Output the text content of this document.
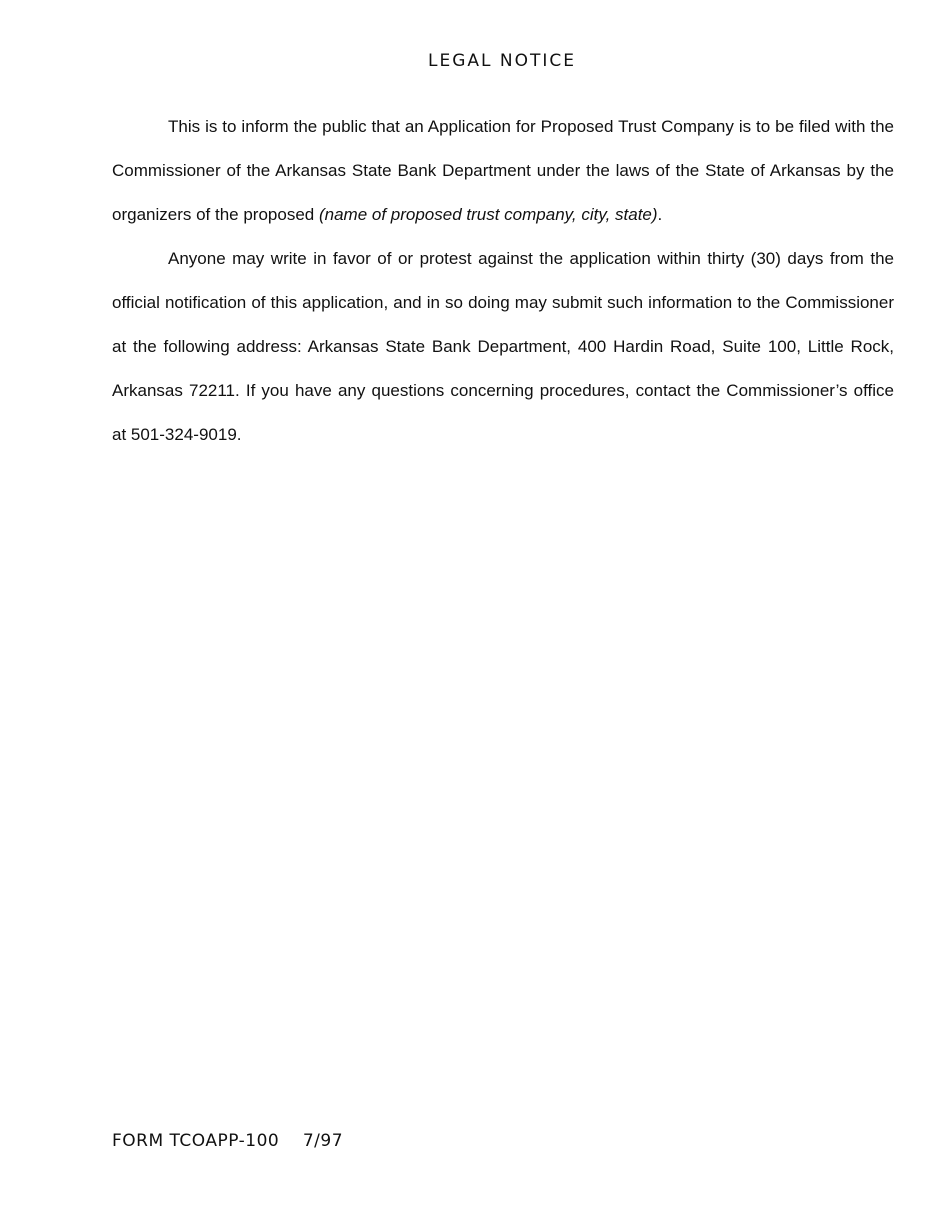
LEGAL NOTICE

This is to inform the public that an Application for Proposed Trust Company is to be filed with the Commissioner of the Arkansas State Bank Department under the laws of the State of Arkansas by the organizers of the proposed (name of proposed trust company, city, state).

Anyone may write in favor of or protest against the application within thirty (30) days from the official notification of this application, and in so doing may submit such information to the Commissioner at the following address: Arkansas State Bank Department, 400 Hardin Road, Suite 100, Little Rock, Arkansas 72211. If you have any questions concerning procedures, contact the Commissioner’s office at 501-324-9019.

FORM TCOAPP-100 7/97
